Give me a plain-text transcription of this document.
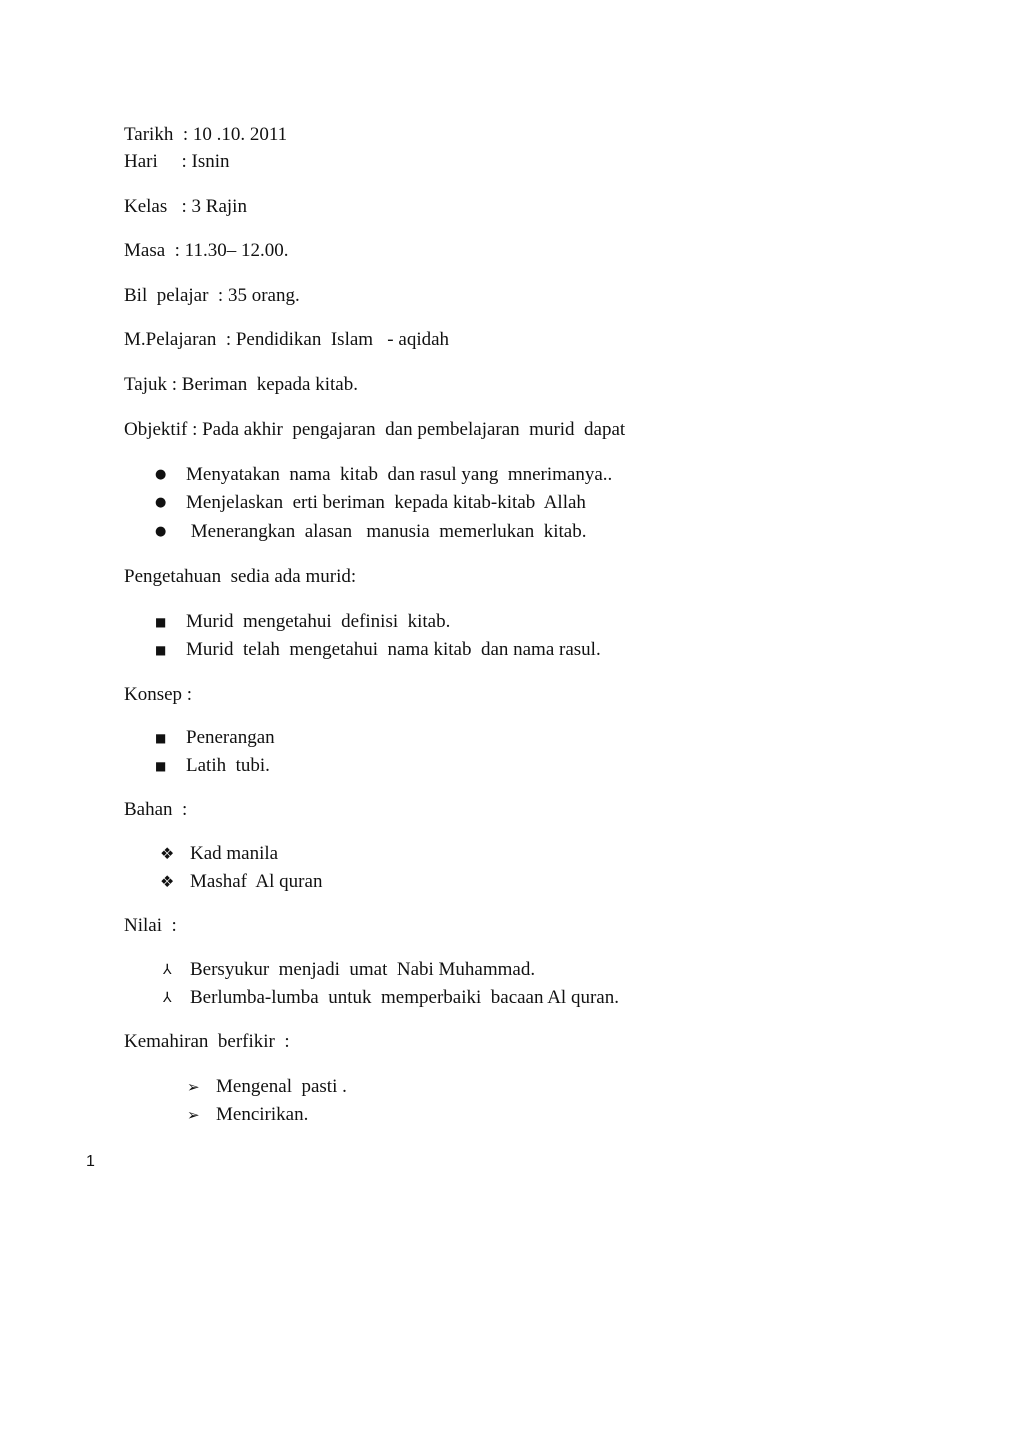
Tarikh  : 10 .10. 2011
Hari     : Isnin
Kelas   : 3 Rajin
Masa  : 11.30– 12.00.
Bil  pelajar  : 35 orang.
M.Pelajaran  : Pendidikan  Islam   - aqidah
Tajuk : Beriman  kepada kitab.
Objektif : Pada akhir  pengajaran  dan pembelajaran  murid  dapat
● Menyatakan  nama  kitab  dan rasul yang  mnerimanya..
● Menjelaskan  erti beriman  kepada kitab-kitab  Allah
● Menerangkan  alasan   manusia  memerlukan  kitab.
Pengetahuan  sedia ada murid:
■ Murid  mengetahui  definisi  kitab.
■ Murid  telah  mengetahui  nama kitab  dan nama rasul.
Konsep :
■ Penerangan
■ Latih  tubi.
Bahan  :
❖ Kad manila
❖ Mashaf  Al quran
Nilai  :
⅄ Bersyukur  menjadi  umat  Nabi Muhammad.
⅄ Berlumba-lumba  untuk  memperbaiki  bacaan Al quran.
Kemahiran  berfikir  :
➢ Mengenal  pasti .
➢ Mencirikan.
1
